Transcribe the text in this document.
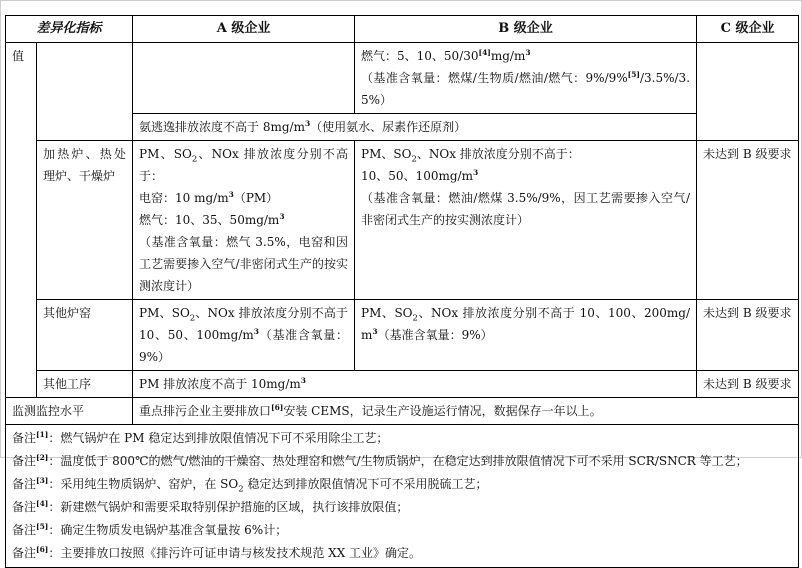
差异化指标		A 级企业	B 级企业	C 级企业
值			燃气：5、10、$50/30[4]mg/m^3$
（基准含氧量：燃煤/生物质/燃油/燃气：9%/9%[5]/3.5%/3.5%）	
		氨逃逸排放浓度不高于 $8mg/m^3$（使用氨水、尿素作还原剂）		
	加热炉、热处理炉、干燥炉	PM、$SO_2$、NOx 排放浓度分别不高于：
电窑：10 $mg/m^3(PM)$
燃气：10、35、$50mg/m^3$
（基准含氧量：燃气 3.5%，电窑和因工艺需要掺入空气/非密闭式生产的按实测浓度计）	PM、$SO_2$、NOx 排放浓度分别不高于：
10、50、$100mg/m^3$
（基准含氧量：燃油/燃煤 3.5%/9%，因工艺需要掺入空气/非密闭式生产的按实测浓度计）	未达到 B 级要求
	其他炉窑	PM、$SO_2$、NOx 排放浓度分别不高于 10、50、$100mg/m^3$（基准含氧量：9%）	PM、$SO_2$、NOx 排放浓度分别不高于 10、100、$200mg/m^3$（基准含氧量：9%）	未达到 B 级要求
	其他工序	PM 排放浓度不高于 $10mg/m^3$		未达到 B 级要求
监测监控水平		重点排污企业主要排放口[6]安装 CEMS，记录生产设施运行情况，数据保存一年以上。		

备注[1]：燃气锅炉在 PM 稳定达到排放限值情况下可不采用除尘工艺；
备注[2]：温度低于 800℃的燃气/燃油的干燥窑、热处理窑和燃气/生物质锅炉，在稳定达到排放限值情况下可不采用 SCR/SNCR 等工艺；
备注[3]：采用纯生物质锅炉、窑炉，在 $SO_2$ 稳定达到排放限值情况下可不采用脱硫工艺；
备注[4]：新建燃气锅炉和需要采取特别保护措施的区域，执行该排放限值；
备注[5]：确定生物质发电锅炉基准含氧量按 6%计；
备注[6]：主要排放口按照《排污许可证申请与核发技术规范 XX 工业》确定。
